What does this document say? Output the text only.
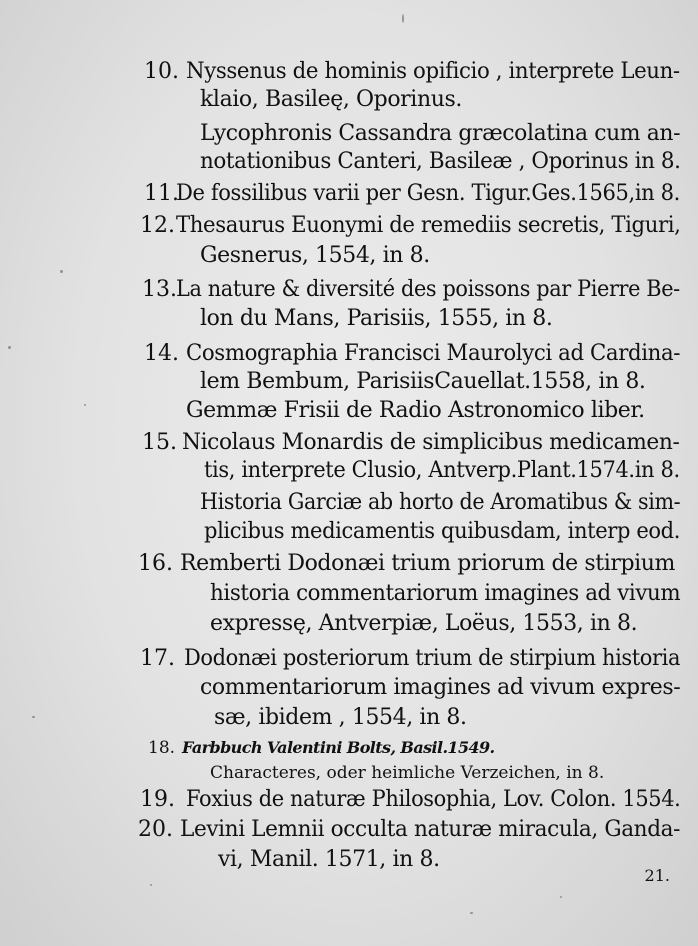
10. Nyssenus de hominis opificio , interprete Leun-
klaio, Basileę, Oporinus.
Lycophronis Cassandra græcolatina cum an-
notationibus Canteri, Basileæ , Oporinus in 8.
11.
De fossilibus varii per Gesn. Tigur.Ges.1565,in 8.
12. Thesaurus Euonymi de remediis secretis, Tiguri,
Gesnerus, 1554, in 8.
13. La nature & diversité des poissons par Pierre Be-
lon du Mans, Parisiis, 1555, in 8.
14. Cosmographia Francisci Maurolyci ad Cardina-
lem Bembum, ParisiisCauellat.1558, in 8.
Gemmæ Frisii de Radio Astronomico liber.
15. Nicolaus Monardis de simplicibus medicamen-
tis, interprete Clusio, Antverp.Plant.1574.in 8.
Historia Garciæ ab horto de Aromatibus & sim-
plicibus medicamentis quibusdam, interp eod.
16. Remberti Dodonæi trium priorum de stirpium
historia commentariorum imagines ad vivum
expressę, Antverpiæ, Loëus, 1553, in 8.
17. Dodonæi posteriorum trium de stirpium historia
commentariorum imagines ad vivum expres-
sæ, ibidem , 1554, in 8.
18. Farbbuch Valentini Bolts, Basil.1549.
Characteres, oder heimliche Verzeichen, in 8.
19. Foxius de naturæ Philosophia, Lov. Colon. 1554.
20. Levini Lemnii occulta naturæ miracula, Ganda-
vi, Manil. 1571, in 8.
21.
